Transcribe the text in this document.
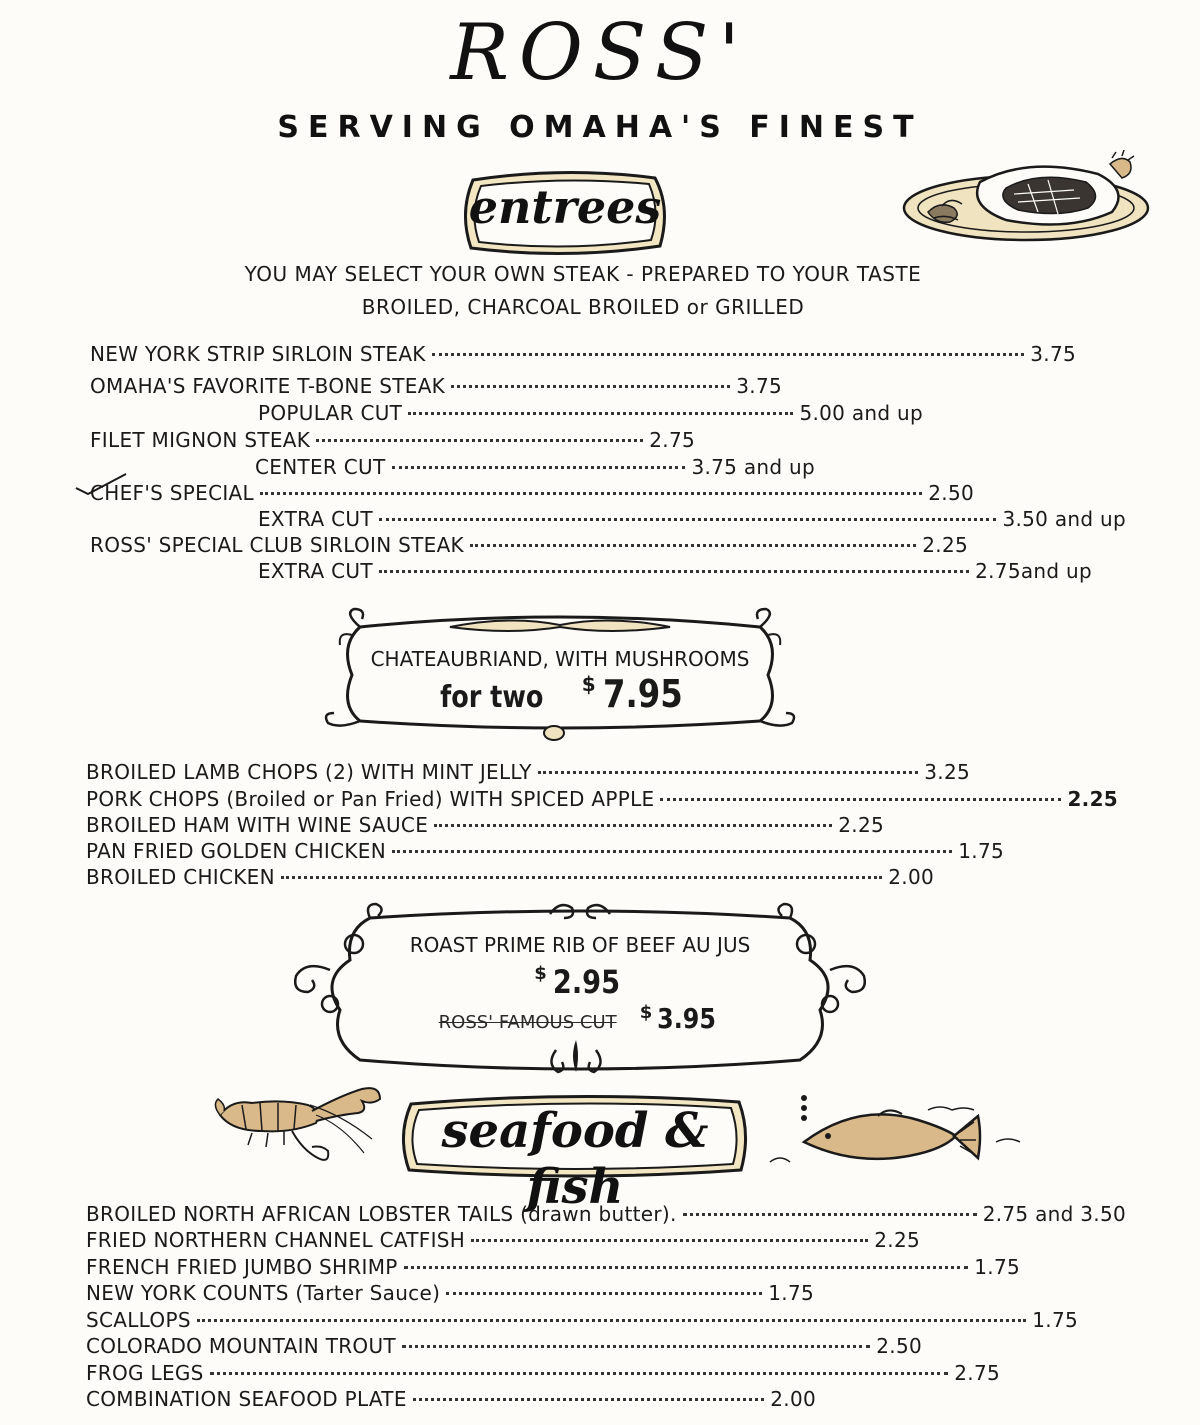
ROSS'
SERVING OMAHA'S FINEST
entrees
YOU MAY SELECT YOUR OWN STEAK - PREPARED TO YOUR TASTE
BROILED, CHARCOAL BROILED or GRILLED
NEW YORK STRIP SIRLOIN STEAK	3.75
OMAHA'S FAVORITE T-BONE STEAK	3.75
POPULAR CUT	5.00 and up
FILET MIGNON STEAK	2.75
CENTER CUT	3.75 and up
CHEF'S SPECIAL	2.50
EXTRA CUT	3.50 and up
ROSS' SPECIAL CLUB SIRLOIN STEAK	2.25
EXTRA CUT	2.75and up
CHATEAUBRIAND, WITH MUSHROOMS
for two $ 7.95
BROILED LAMB CHOPS (2) WITH MINT JELLY	3.25
PORK CHOPS (Broiled or Pan Fried) WITH SPICED APPLE	2.25
BROILED HAM WITH WINE SAUCE	2.25
PAN FRIED GOLDEN CHICKEN	1.75
BROILED CHICKEN	2.00
ROAST PRIME RIB OF BEEF AU JUS
$ 2.95
ROSS' FAMOUS CUT $ 3.95
seafood & fish
BROILED NORTH AFRICAN LOBSTER TAILS (drawn butter).	2.75 and 3.50
FRIED NORTHERN CHANNEL CATFISH	2.25
FRENCH FRIED JUMBO SHRIMP	1.75
NEW YORK COUNTS (Tarter Sauce)	1.75
SCALLOPS	1.75
COLORADO MOUNTAIN TROUT	2.50
FROG LEGS	2.75
COMBINATION SEAFOOD PLATE	2.00
